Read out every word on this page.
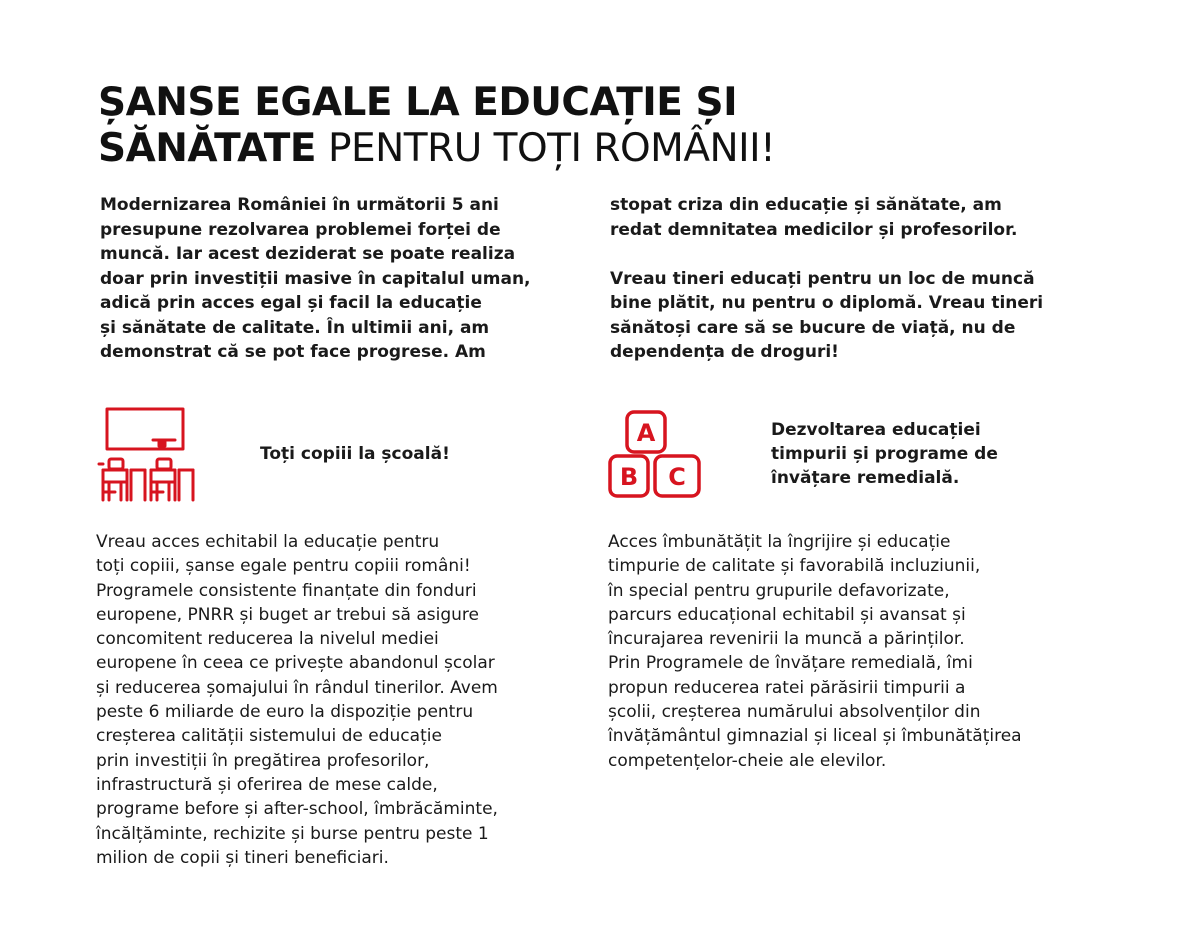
ȘANSE EGALE LA EDUCAȚIE ȘI
SĂNĂTATE PENTRU TOȚI ROMÂNII!

Modernizarea României în următorii 5 ani
presupune rezolvarea problemei forței de
muncă. Iar acest deziderat se poate realiza
doar prin investiții masive în capitalul uman,
adică prin acces egal și facil la educație
și sănătate de calitate. În ultimii ani, am
demonstrat că se pot face progrese. Am

stopat criza din educație și sănătate, am
redat demnitatea medicilor și profesorilor.

Vreau tineri educați pentru un loc de muncă
bine plătit, nu pentru o diplomă. Vreau tineri
sănătoși care să se bucure de viață, nu de
dependența de droguri!

Toți copiii la școală!

A
B C

Dezvoltarea educației
timpurii și programe de
învățare remedială.

Vreau acces echitabil la educație pentru
toți copiii, șanse egale pentru copiii români!
Programele consistente finanțate din fonduri
europene, PNRR și buget ar trebui să asigure
concomitent reducerea la nivelul mediei
europene în ceea ce privește abandonul școlar
și reducerea șomajului în rândul tinerilor. Avem
peste 6 miliarde de euro la dispoziție pentru
creșterea calității sistemului de educație
prin investiții în pregătirea profesorilor,
infrastructură și oferirea de mese calde,
programe before și after-school, îmbrăcăminte,
încălțăminte, rechizite și burse pentru peste 1
milion de copii și tineri beneficiari.

Acces îmbunătățit la îngrijire și educație
timpurie de calitate și favorabilă incluziunii,
în special pentru grupurile defavorizate,
parcurs educațional echitabil și avansat și
încurajarea revenirii la muncă a părinților.
Prin Programele de învățare remedială, îmi
propun reducerea ratei părăsirii timpurii a
școlii, creșterea numărului absolvenților din
învățământul gimnazial și liceal și îmbunătățirea
competențelor-cheie ale elevilor.
